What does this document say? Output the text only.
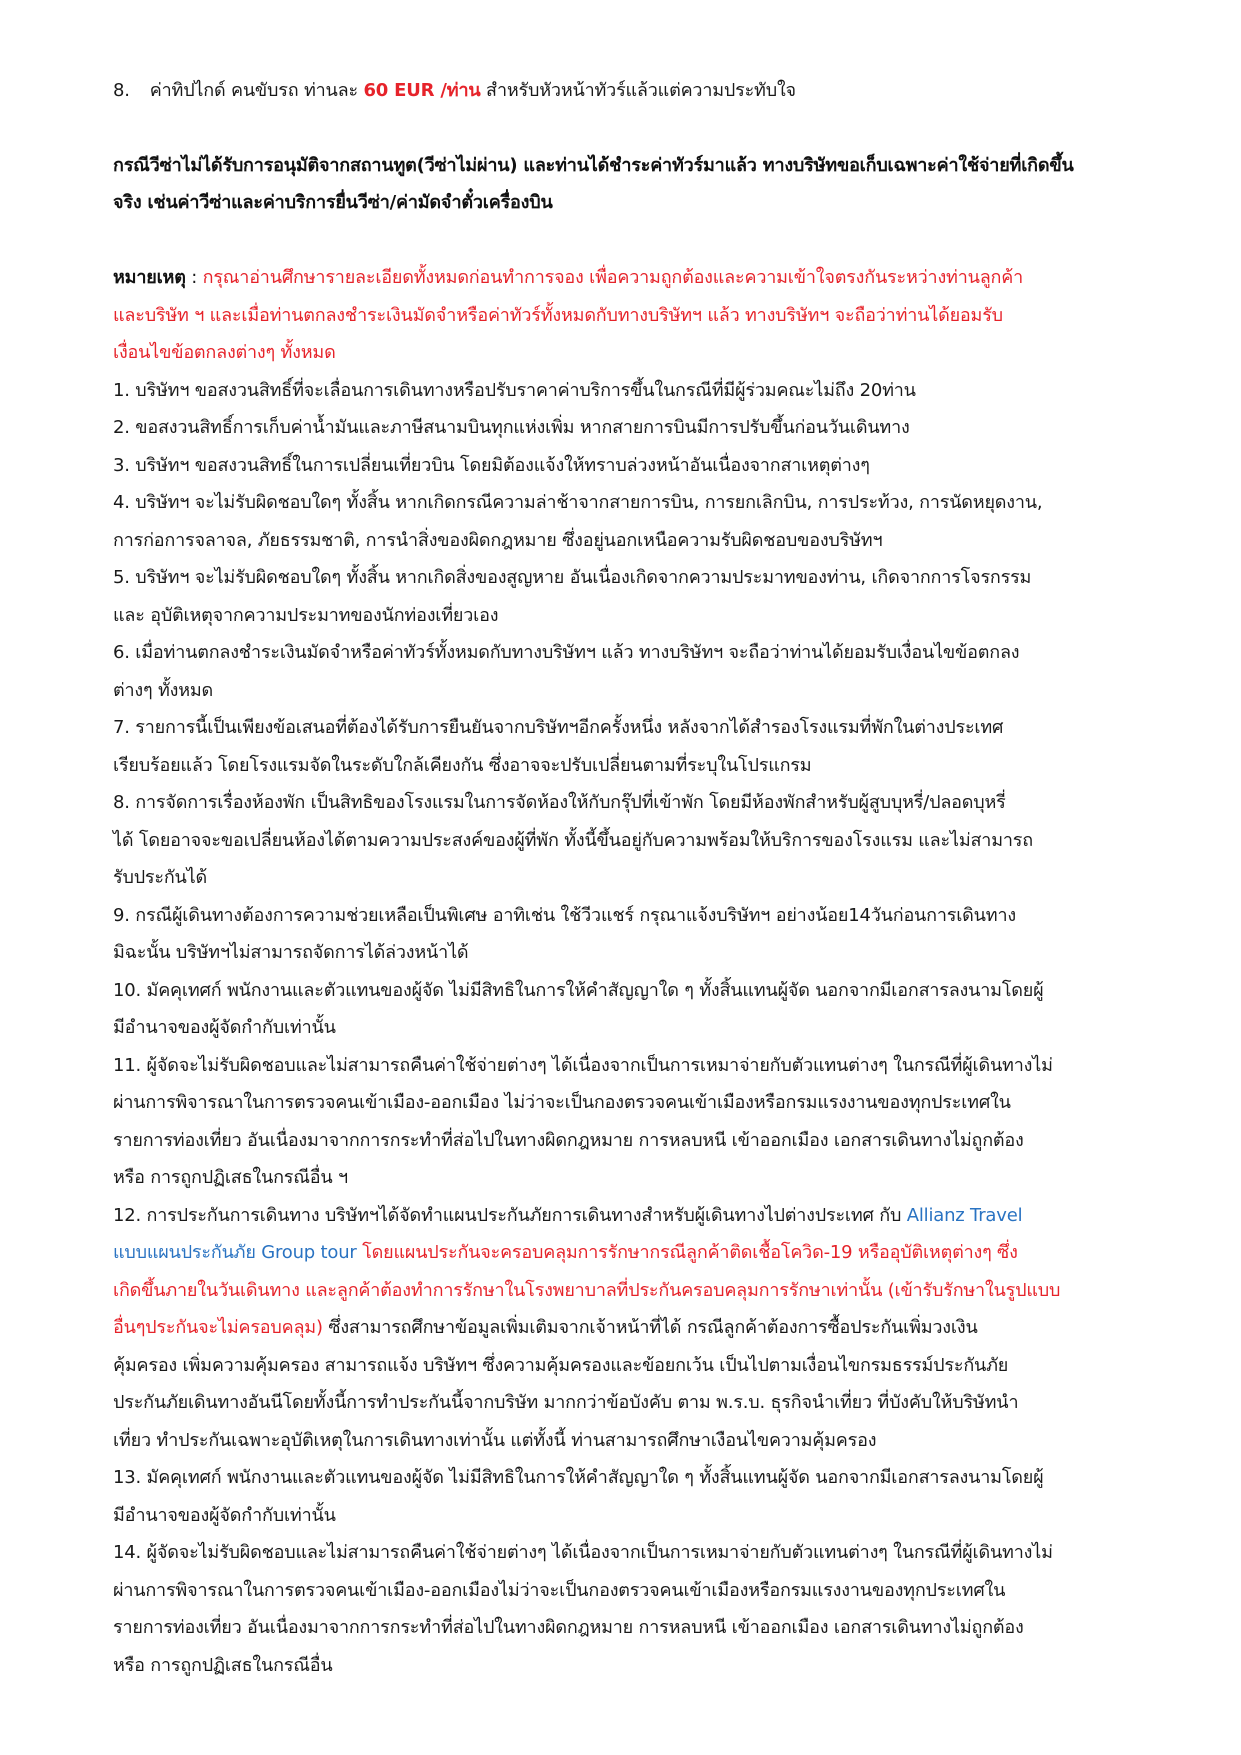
8. ค่าทิปไกด์ คนขับรถ ท่านละ 60 EUR /ท่าน สำหรับหัวหน้าทัวร์แล้วแต่ความประทับใจ
กรณีวีซ่าไม่ได้รับการอนุมัติจากสถานทูต(วีซ่าไม่ผ่าน) และท่านได้ชำระค่าทัวร์มาแล้ว ทางบริษัทขอเก็บเฉพาะค่าใช้จ่ายที่เกิดขึ้น
จริง เช่นค่าวีซ่าและค่าบริการยื่นวีซ่า/ค่ามัดจำตั๋วเครื่องบิน
หมายเหตุ : กรุณาอ่านศึกษารายละเอียดทั้งหมดก่อนทำการจอง เพื่อความถูกต้องและความเข้าใจตรงกันระหว่างท่านลูกค้า
และบริษัท ฯ และเมื่อท่านตกลงชำระเงินมัดจำหรือค่าทัวร์ทั้งหมดกับทางบริษัทฯ แล้ว ทางบริษัทฯ จะถือว่าท่านได้ยอมรับ
เงื่อนไขข้อตกลงต่างๆ ทั้งหมด
1. บริษัทฯ ขอสงวนสิทธิ์ที่จะเลื่อนการเดินทางหรือปรับราคาค่าบริการขึ้นในกรณีที่มีผู้ร่วมคณะไม่ถึง 20ท่าน
2. ขอสงวนสิทธิ์การเก็บค่าน้ำมันและภาษีสนามบินทุกแห่งเพิ่ม หากสายการบินมีการปรับขึ้นก่อนวันเดินทาง
3. บริษัทฯ ขอสงวนสิทธิ์ในการเปลี่ยนเที่ยวบิน โดยมิต้องแจ้งให้ทราบล่วงหน้าอันเนื่องจากสาเหตุต่างๆ
4. บริษัทฯ จะไม่รับผิดชอบใดๆ ทั้งสิ้น หากเกิดกรณีความล่าช้าจากสายการบิน, การยกเลิกบิน, การประท้วง, การนัดหยุดงาน,
การก่อการจลาจล, ภัยธรรมชาติ, การนำสิ่งของผิดกฎหมาย ซึ่งอยู่นอกเหนือความรับผิดชอบของบริษัทฯ
5. บริษัทฯ จะไม่รับผิดชอบใดๆ ทั้งสิ้น หากเกิดสิ่งของสูญหาย อันเนื่องเกิดจากความประมาทของท่าน, เกิดจากการโจรกรรม
และ อุบัติเหตุจากความประมาทของนักท่องเที่ยวเอง
6. เมื่อท่านตกลงชำระเงินมัดจำหรือค่าทัวร์ทั้งหมดกับทางบริษัทฯ แล้ว ทางบริษัทฯ จะถือว่าท่านได้ยอมรับเงื่อนไขข้อตกลง
ต่างๆ ทั้งหมด
7. รายการนี้เป็นเพียงข้อเสนอที่ต้องได้รับการยืนยันจากบริษัทฯอีกครั้งหนึ่ง หลังจากได้สำรองโรงแรมที่พักในต่างประเทศ
เรียบร้อยแล้ว โดยโรงแรมจัดในระดับใกล้เคียงกัน ซึ่งอาจจะปรับเปลี่ยนตามที่ระบุในโปรแกรม
8. การจัดการเรื่องห้องพัก เป็นสิทธิของโรงแรมในการจัดห้องให้กับกรุ๊ปที่เข้าพัก โดยมีห้องพักสำหรับผู้สูบบุหรี่/ปลอดบุหรี่
ได้ โดยอาจจะขอเปลี่ยนห้องได้ตามความประสงค์ของผู้ที่พัก ทั้งนี้ขึ้นอยู่กับความพร้อมให้บริการของโรงแรม และไม่สามารถ
รับประกันได้
9. กรณีผู้เดินทางต้องการความช่วยเหลือเป็นพิเศษ อาทิเช่น ใช้วีวแชร์ กรุณาแจ้งบริษัทฯ อย่างน้อย14วันก่อนการเดินทาง
มิฉะนั้น บริษัทฯไม่สามารถจัดการได้ล่วงหน้าได้
10. มัคคุเทศก์ พนักงานและตัวแทนของผู้จัด ไม่มีสิทธิในการให้คำสัญญาใด ๆ ทั้งสิ้นแทนผู้จัด นอกจากมีเอกสารลงนามโดยผู้
มีอำนาจของผู้จัดกำกับเท่านั้น
11. ผู้จัดจะไม่รับผิดชอบและไม่สามารถคืนค่าใช้จ่ายต่างๆ ได้เนื่องจากเป็นการเหมาจ่ายกับตัวแทนต่างๆ ในกรณีที่ผู้เดินทางไม่
ผ่านการพิจารณาในการตรวจคนเข้าเมือง-ออกเมือง ไม่ว่าจะเป็นกองตรวจคนเข้าเมืองหรือกรมแรงงานของทุกประเทศใน
รายการท่องเที่ยว อันเนื่องมาจากการกระทำที่ส่อไปในทางผิดกฎหมาย การหลบหนี เข้าออกเมือง เอกสารเดินทางไม่ถูกต้อง
หรือ การถูกปฏิเสธในกรณีอื่น ฯ
12. การประกันการเดินทาง บริษัทฯได้จัดทำแผนประกันภัยการเดินทางสำหรับผู้เดินทางไปต่างประเทศ กับ Allianz Travel
แบบแผนประกันภัย Group tour โดยแผนประกันจะครอบคลุมการรักษากรณีลูกค้าติดเชื้อโควิด-19 หรืออุบัติเหตุต่างๆ ซึ่ง
เกิดขึ้นภายในวันเดินทาง และลูกค้าต้องทำการรักษาในโรงพยาบาลที่ประกันครอบคลุมการรักษาเท่านั้น (เข้ารับรักษาในรูปแบบ
อื่นๆประกันจะไม่ครอบคลุม) ซึ่งสามารถศึกษาข้อมูลเพิ่มเติมจากเจ้าหน้าที่ได้ กรณีลูกค้าต้องการซื้อประกันเพิ่มวงเงิน
คุ้มครอง เพิ่มความคุ้มครอง สามารถแจ้ง บริษัทฯ ซึ่งความคุ้มครองและข้อยกเว้น เป็นไปตามเงื่อนไขกรมธรรม์ประกันภัย
ประกันภัยเดินทางอันนีโดยทั้งนี้การทำประกันนี้จากบริษัท มากกว่าข้อบังคับ ตาม พ.ร.บ. ธุรกิจนำเที่ยว ที่บังคับให้บริษัทนำ
เที่ยว ทำประกันเฉพาะอุบัติเหตุในการเดินทางเท่านั้น แต่ทั้งนี้ ท่านสามารถศึกษาเงือนไขความคุ้มครอง
13. มัคคุเทศก์ พนักงานและตัวแทนของผู้จัด ไม่มีสิทธิในการให้คำสัญญาใด ๆ ทั้งสิ้นแทนผู้จัด นอกจากมีเอกสารลงนามโดยผู้
มีอำนาจของผู้จัดกำกับเท่านั้น
14. ผู้จัดจะไม่รับผิดชอบและไม่สามารถคืนค่าใช้จ่ายต่างๆ ได้เนื่องจากเป็นการเหมาจ่ายกับตัวแทนต่างๆ ในกรณีที่ผู้เดินทางไม่
ผ่านการพิจารณาในการตรวจคนเข้าเมือง-ออกเมืองไม่ว่าจะเป็นกองตรวจคนเข้าเมืองหรือกรมแรงงานของทุกประเทศใน
รายการท่องเที่ยว อันเนื่องมาจากการกระทำที่ส่อไปในทางผิดกฎหมาย การหลบหนี เข้าออกเมือง เอกสารเดินทางไม่ถูกต้อง
หรือ การถูกปฏิเสธในกรณีอื่น
